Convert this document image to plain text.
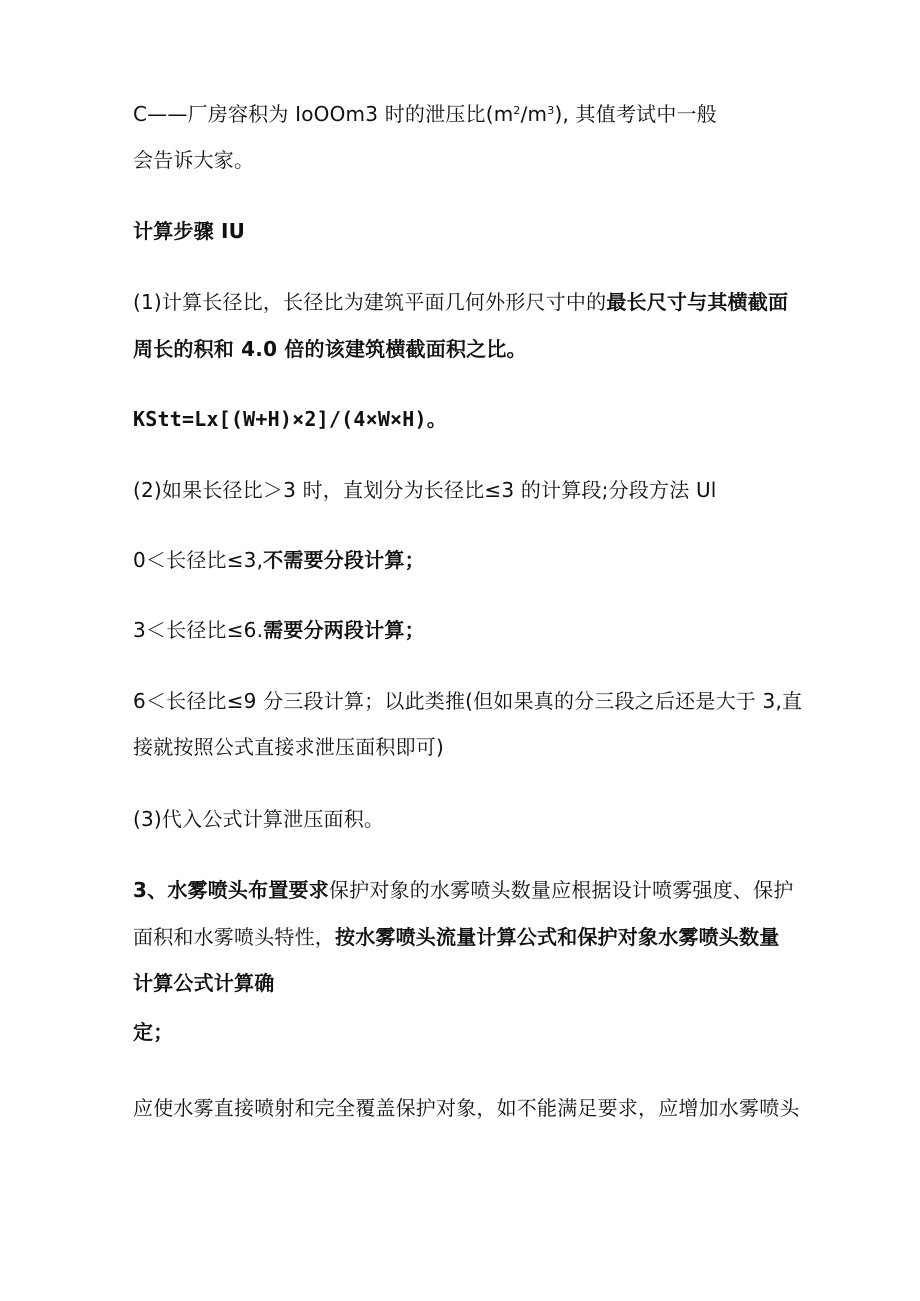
C——厂房容积为 IoOOm3 时的泄压比$(m^2∕m^3)$, 其值考试中一般
会告诉大家。
计算步骤 IU
(1)计算长径比，长径比为建筑平面几何外形尺寸中的最长尺寸与其横截面
周长的积和 4.0 倍的该建筑横截面积之比。
KStt=Lx[(W+H)×2]/(4×W×H)。
(2)如果长径比＞3 时，直划分为长径比≤3 的计算段;分段方法 Ul
0＜长径比≤3,不需要分段计算；
3＜长径比≤6.需要分两段计算；
6＜长径比≤9 分三段计算；以此类推(但如果真的分三段之后还是大于 3,直
接就按照公式直接求泄压面积即可)
(3)代入公式计算泄压面积。
3、水雾喷头布置要求保护对象的水雾喷头数量应根据设计喷雾强度、保护
面积和水雾喷头特性，按水雾喷头流量计算公式和保护对象水雾喷头数量
计算公式计算确
定；
应使水雾直接喷射和完全覆盖保护对象，如不能满足要求，应增加水雾喷头
